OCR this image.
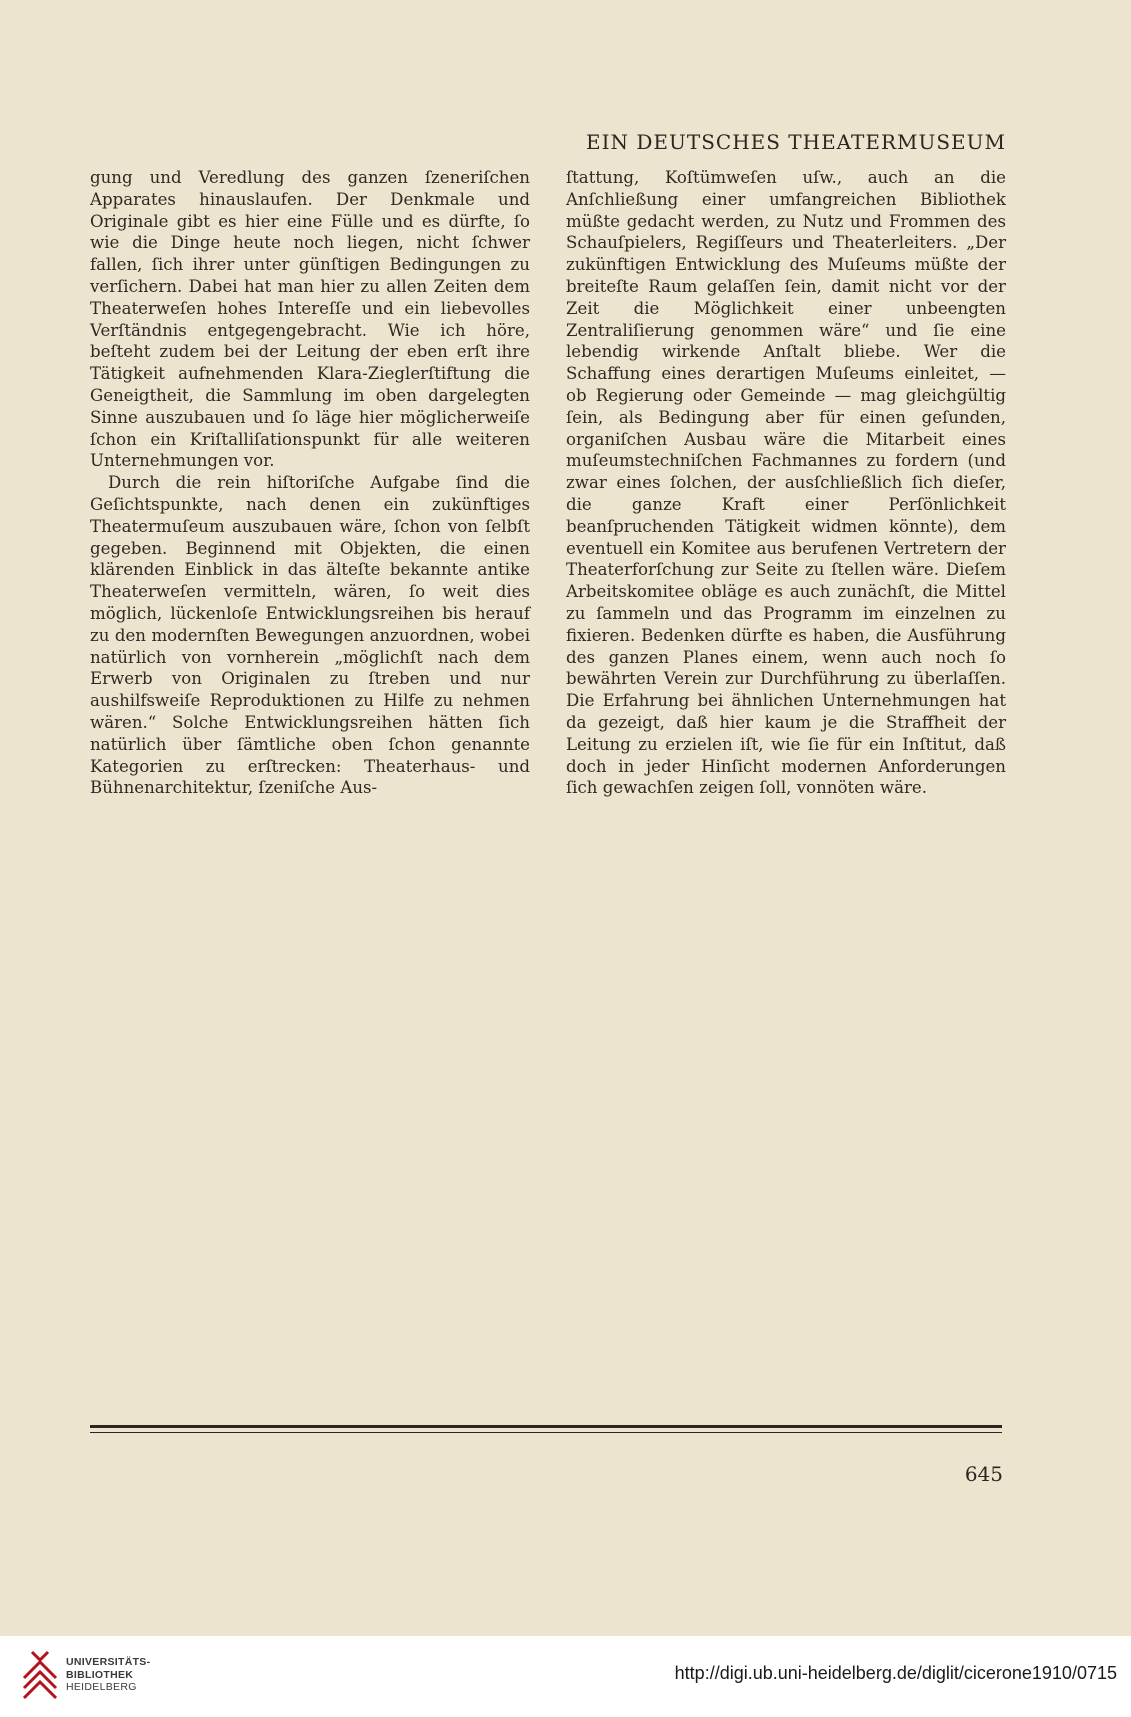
EIN DEUTSCHES THEATERMUSEUM

gung und Veredlung des ganzen ſzeneriſchen Apparates hinauslaufen. Der Denkmale und Originale gibt es hier eine Fülle und es dürfte, ſo wie die Dinge heute noch liegen, nicht ſchwer fallen, ſich ihrer unter günſtigen Bedingungen zu verſichern. Dabei hat man hier zu allen Zeiten dem Theaterweſen hohes Intereſſe und ein liebevolles Verſtändnis entgegengebracht. Wie ich höre, beſteht zudem bei der Leitung der eben erſt ihre Tätigkeit aufnehmenden Klara-Zieglerſtiftung die Geneigtheit, die Sammlung im oben dargelegten Sinne auszubauen und ſo läge hier möglicherweiſe ſchon ein Kriſtalliſationspunkt für alle weiteren Unternehmungen vor.

Durch die rein hiſtoriſche Aufgabe ſind die Geſichtspunkte, nach denen ein zukünftiges Theatermuſeum auszubauen wäre, ſchon von ſelbſt gegeben. Beginnend mit Objekten, die einen klärenden Einblick in das älteſte bekannte antike Theaterweſen vermitteln, wären, ſo weit dies möglich, lückenloſe Entwicklungsreihen bis herauf zu den modernſten Bewegungen anzuordnen, wobei natürlich von vornherein „möglichſt nach dem Erwerb von Originalen zu ſtreben und nur aushilfsweiſe Reproduktionen zu Hilfe zu nehmen wären.“ Solche Entwicklungsreihen hätten ſich natürlich über ſämtliche oben ſchon genannte Kategorien zu erſtrecken: Theaterhaus- und Bühnenarchitektur, ſzeniſche Aus-

ſtattung, Koſtümweſen uſw., auch an die Anſchließung einer umfangreichen Bibliothek müßte gedacht werden, zu Nutz und Frommen des Schauſpielers, Regiſſeurs und Theaterleiters. „Der zukünftigen Entwicklung des Muſeums müßte der breiteſte Raum gelaſſen ſein, damit nicht vor der Zeit die Möglichkeit einer unbeengten Zentraliſierung genommen wäre“ und ſie eine lebendig wirkende Anſtalt bliebe. Wer die Schaffung eines derartigen Muſeums einleitet, — ob Regierung oder Gemeinde — mag gleichgültig ſein, als Bedingung aber für einen geſunden, organiſchen Ausbau wäre die Mitarbeit eines muſeumstechniſchen Fachmannes zu fordern (und zwar eines ſolchen, der ausſchließlich ſich dieſer, die ganze Kraft einer Perſönlichkeit beanſpruchenden Tätigkeit widmen könnte), dem eventuell ein Komitee aus berufenen Vertretern der Theaterforſchung zur Seite zu ſtellen wäre. Dieſem Arbeitskomitee obläge es auch zunächſt, die Mittel zu ſammeln und das Programm im einzelnen zu fixieren. Bedenken dürfte es haben, die Ausführung des ganzen Planes einem, wenn auch noch ſo bewährten Verein zur Durchführung zu überlaſſen. Die Erfahrung bei ähnlichen Unternehmungen hat da gezeigt, daß hier kaum je die Straffheit der Leitung zu erzielen iſt, wie ſie für ein Inſtitut, daß doch in jeder Hinſicht modernen Anforderungen ſich gewachſen zeigen ſoll, vonnöten wäre.

645
UNIVERSITÄTS-
BIBLIOTHEK
HEIDELBERG
http://digi.ub.uni-heidelberg.de/diglit/cicerone1910/0715
